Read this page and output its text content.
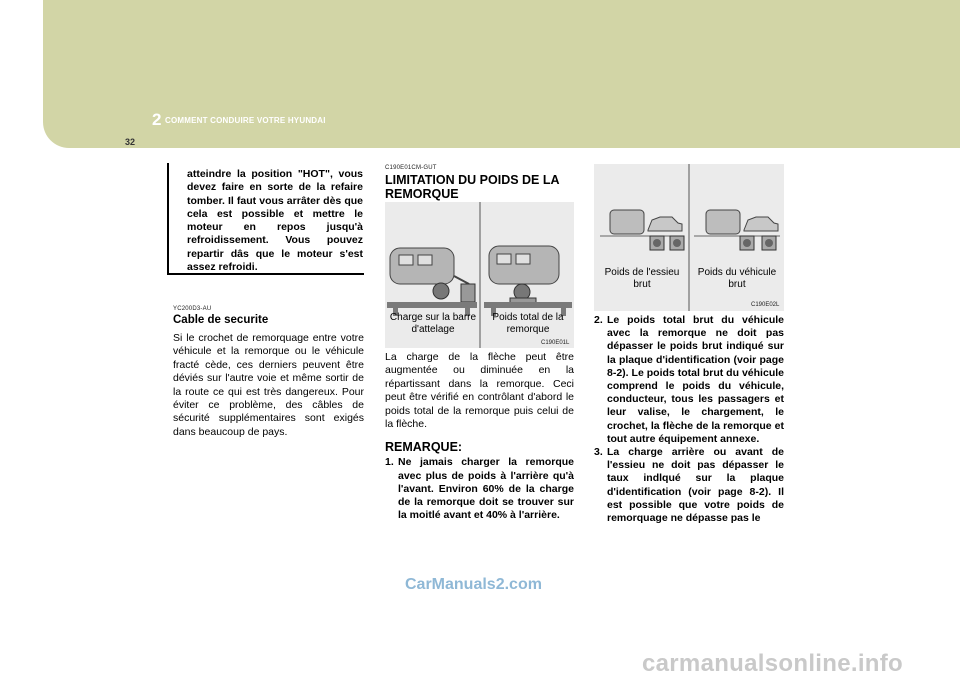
2 COMMENT CONDUIRE VOTRE HYUNDAI
32
atteindre la position "HOT", vous devez faire en sorte de la refaire tomber. Il faut vous arrâter dès que cela est possible et mettre le moteur en repos jusqu'à refroidissement. Vous pouvez repartir dâs que le moteur s'est assez refroidi.
YC200D3-AU
Cable de securite
Si le crochet de remorquage entre votre véhicule et la remorque ou le véhicule fracté cède, ces derniers peuvent être déviés sur l'autre voie et même sortir de la route ce qui est très dangereux. Pour éviter ce problème, des câbles de sécurité supplémentaires sont exigés dans beaucoup de pays.
C190E01CM-GUT
LIMITATION DU POIDS DE LA REMORQUE
Charge sur la barre d'attelage
Poids total de la remorque
C190E01L
La charge de la flèche peut être augmentée ou diminuée en la répartissant dans la remorque. Ceci peut être vérifié en contrôlant d'abord le poids total de la remorque puis celui de la flèche.
REMARQUE:
1. Ne jamais charger la remorque avec plus de poids à l'arrière qu'à l'avant. Environ 60% de la charge de la remorque doit se trouver sur la moitlé avant et 40% à l'arrière.
Poids de l'essieu brut
Poids du véhicule brut
C190E02L
2. Le poids total brut du véhicule avec la remorque ne doit pas dépasser le poids brut indiqué sur la plaque d'identification (voir page 8-2). Le poids total brut du véhicule comprend le poids du véhicule, conducteur, tous les passagers et leur valise, le chargement, le crochet, la flèche de la remorque et tout autre équipement annexe.
3. La charge arrière ou avant de l'essieu ne doit pas dépasser le taux indlqué sur la plaque d'identification (voir page 8-2). Il est possible que votre poids de remorquage ne dépasse pas le
CarManuals2.com
carmanualsonline.info
